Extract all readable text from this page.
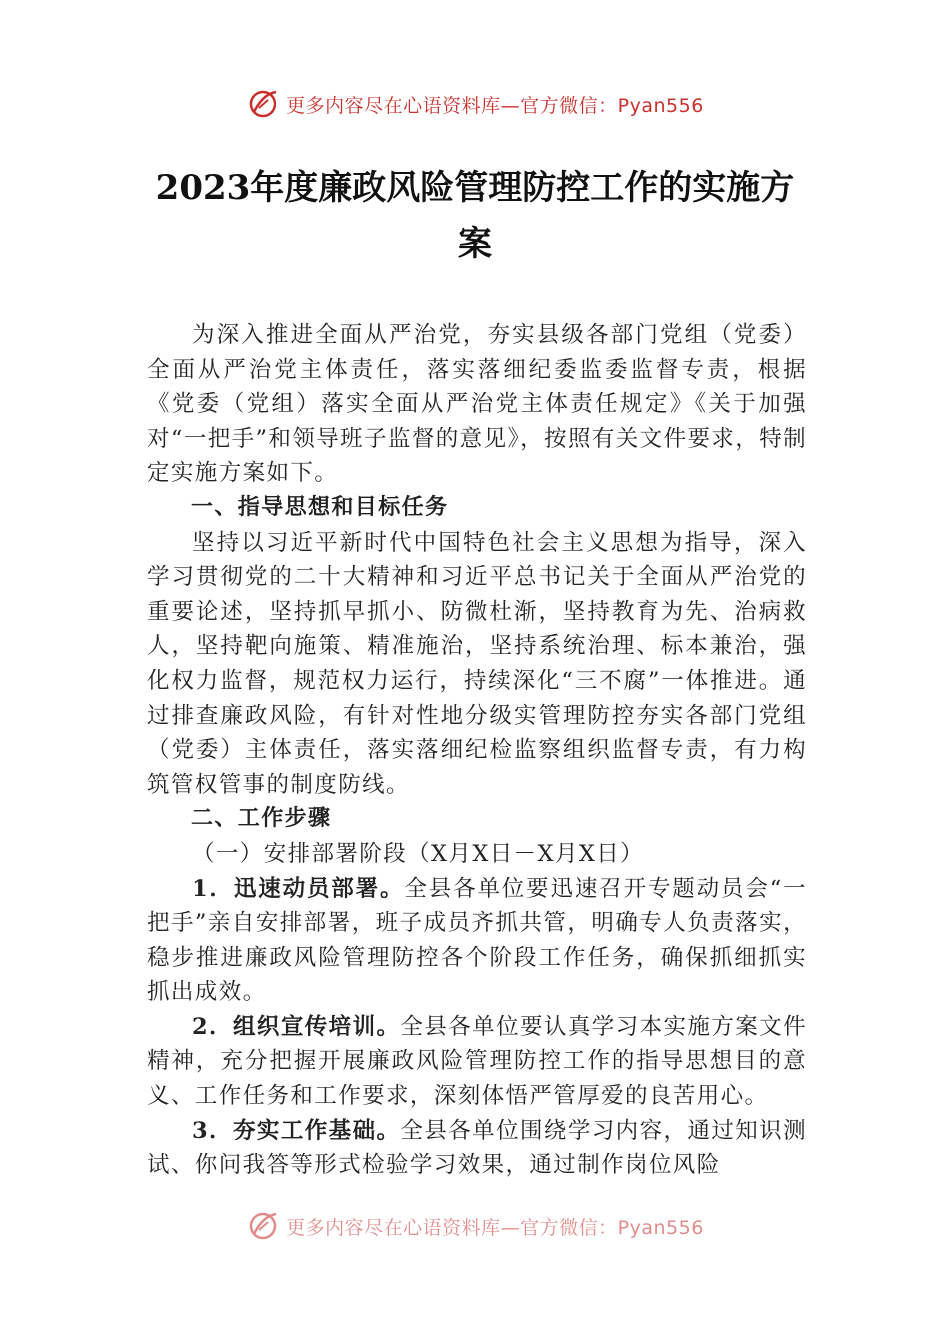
更多内容尽在心语资料库—官方微信：Pyan556
2023年度廉政风险管理防控工作的实施方
案

为深入推进全面从严治党，夯实县级各部门党组（党委）全面从严治党主体责任，落实落细纪委监委监督专责，根据《党委（党组）落实全面从严治党主体责任规定》《关于加强对“一把手”和领导班子监督的意见》，按照有关文件要求，特制定实施方案如下。

一、指导思想和目标任务

坚持以习近平新时代中国特色社会主义思想为指导，深入学习贯彻党的二十大精神和习近平总书记关于全面从严治党的重要论述，坚持抓早抓小、防微杜渐，坚持教育为先、治病救人，坚持靶向施策、精准施治，坚持系统治理、标本兼治，强化权力监督，规范权力运行，持续深化“三不腐”一体推进。通过排查廉政风险，有针对性地分级实管理防控夯实各部门党组（党委）主体责任，落实落细纪检监察组织监督专责，有力构筑管权管事的制度防线。

二、工作步骤

（一）安排部署阶段（X月X日－X月X日）

1．迅速动员部署。全县各单位要迅速召开专题动员会“一把手”亲自安排部署，班子成员齐抓共管，明确专人负责落实，稳步推进廉政风险管理防控各个阶段工作任务，确保抓细抓实抓出成效。

2．组织宣传培训。全县各单位要认真学习本实施方案文件精神，充分把握开展廉政风险管理防控工作的指导思想目的意义、工作任务和工作要求，深刻体悟严管厚爱的良苦用心。

3．夯实工作基础。全县各单位围绕学习内容，通过知识测试、你问我答等形式检验学习效果，通过制作岗位风险

更多内容尽在心语资料库—官方微信：Pyan556
